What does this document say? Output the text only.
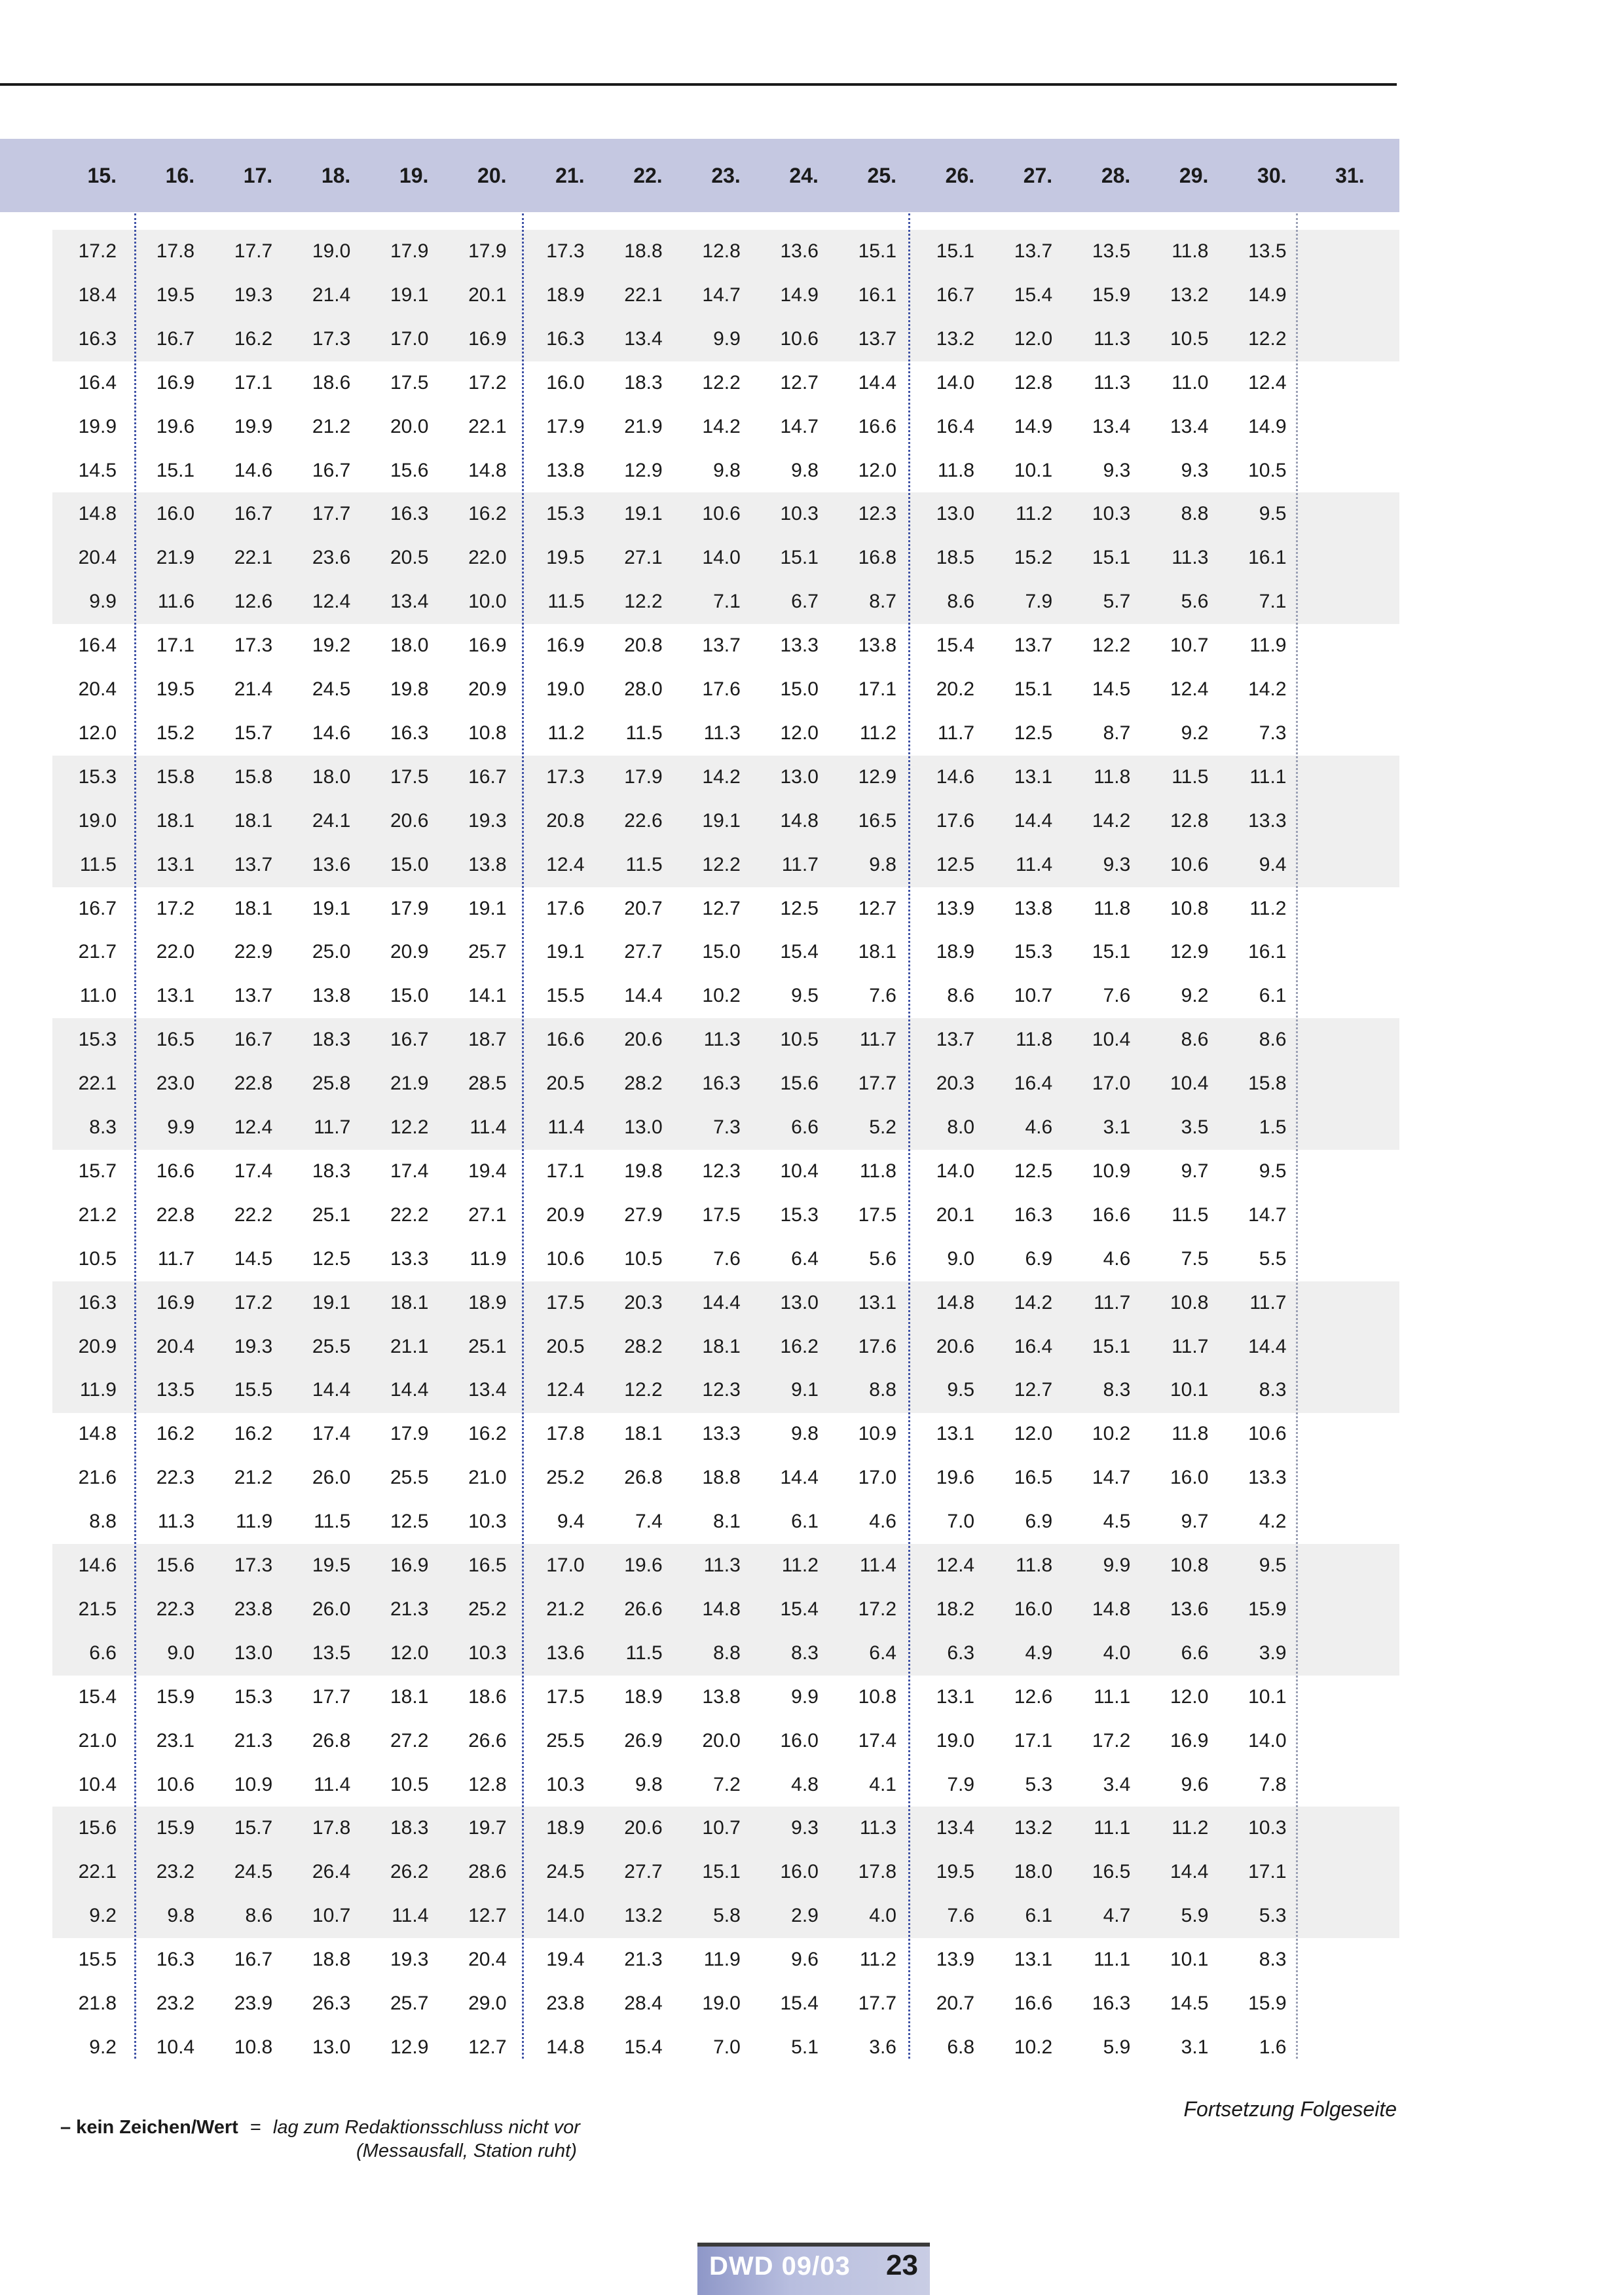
15.	16.	17.	18.	19.	20.	21.	22.	23.	24.	25.	26.	27.	28.	29.	30.	31.
17.2	17.8	17.7	19.0	17.9	17.9	17.3	18.8	12.8	13.6	15.1	15.1	13.7	13.5	11.8	13.5
18.4	19.5	19.3	21.4	19.1	20.1	18.9	22.1	14.7	14.9	16.1	16.7	15.4	15.9	13.2	14.9
16.3	16.7	16.2	17.3	17.0	16.9	16.3	13.4	9.9	10.6	13.7	13.2	12.0	11.3	10.5	12.2
16.4	16.9	17.1	18.6	17.5	17.2	16.0	18.3	12.2	12.7	14.4	14.0	12.8	11.3	11.0	12.4
19.9	19.6	19.9	21.2	20.0	22.1	17.9	21.9	14.2	14.7	16.6	16.4	14.9	13.4	13.4	14.9
14.5	15.1	14.6	16.7	15.6	14.8	13.8	12.9	9.8	9.8	12.0	11.8	10.1	9.3	9.3	10.5
14.8	16.0	16.7	17.7	16.3	16.2	15.3	19.1	10.6	10.3	12.3	13.0	11.2	10.3	8.8	9.5
20.4	21.9	22.1	23.6	20.5	22.0	19.5	27.1	14.0	15.1	16.8	18.5	15.2	15.1	11.3	16.1
9.9	11.6	12.6	12.4	13.4	10.0	11.5	12.2	7.1	6.7	8.7	8.6	7.9	5.7	5.6	7.1
16.4	17.1	17.3	19.2	18.0	16.9	16.9	20.8	13.7	13.3	13.8	15.4	13.7	12.2	10.7	11.9
20.4	19.5	21.4	24.5	19.8	20.9	19.0	28.0	17.6	15.0	17.1	20.2	15.1	14.5	12.4	14.2
12.0	15.2	15.7	14.6	16.3	10.8	11.2	11.5	11.3	12.0	11.2	11.7	12.5	8.7	9.2	7.3
15.3	15.8	15.8	18.0	17.5	16.7	17.3	17.9	14.2	13.0	12.9	14.6	13.1	11.8	11.5	11.1
19.0	18.1	18.1	24.1	20.6	19.3	20.8	22.6	19.1	14.8	16.5	17.6	14.4	14.2	12.8	13.3
11.5	13.1	13.7	13.6	15.0	13.8	12.4	11.5	12.2	11.7	9.8	12.5	11.4	9.3	10.6	9.4
16.7	17.2	18.1	19.1	17.9	19.1	17.6	20.7	12.7	12.5	12.7	13.9	13.8	11.8	10.8	11.2
21.7	22.0	22.9	25.0	20.9	25.7	19.1	27.7	15.0	15.4	18.1	18.9	15.3	15.1	12.9	16.1
11.0	13.1	13.7	13.8	15.0	14.1	15.5	14.4	10.2	9.5	7.6	8.6	10.7	7.6	9.2	6.1
15.3	16.5	16.7	18.3	16.7	18.7	16.6	20.6	11.3	10.5	11.7	13.7	11.8	10.4	8.6	8.6
22.1	23.0	22.8	25.8	21.9	28.5	20.5	28.2	16.3	15.6	17.7	20.3	16.4	17.0	10.4	15.8
8.3	9.9	12.4	11.7	12.2	11.4	11.4	13.0	7.3	6.6	5.2	8.0	4.6	3.1	3.5	1.5
15.7	16.6	17.4	18.3	17.4	19.4	17.1	19.8	12.3	10.4	11.8	14.0	12.5	10.9	9.7	9.5
21.2	22.8	22.2	25.1	22.2	27.1	20.9	27.9	17.5	15.3	17.5	20.1	16.3	16.6	11.5	14.7
10.5	11.7	14.5	12.5	13.3	11.9	10.6	10.5	7.6	6.4	5.6	9.0	6.9	4.6	7.5	5.5
16.3	16.9	17.2	19.1	18.1	18.9	17.5	20.3	14.4	13.0	13.1	14.8	14.2	11.7	10.8	11.7
20.9	20.4	19.3	25.5	21.1	25.1	20.5	28.2	18.1	16.2	17.6	20.6	16.4	15.1	11.7	14.4
11.9	13.5	15.5	14.4	14.4	13.4	12.4	12.2	12.3	9.1	8.8	9.5	12.7	8.3	10.1	8.3
14.8	16.2	16.2	17.4	17.9	16.2	17.8	18.1	13.3	9.8	10.9	13.1	12.0	10.2	11.8	10.6
21.6	22.3	21.2	26.0	25.5	21.0	25.2	26.8	18.8	14.4	17.0	19.6	16.5	14.7	16.0	13.3
8.8	11.3	11.9	11.5	12.5	10.3	9.4	7.4	8.1	6.1	4.6	7.0	6.9	4.5	9.7	4.2
14.6	15.6	17.3	19.5	16.9	16.5	17.0	19.6	11.3	11.2	11.4	12.4	11.8	9.9	10.8	9.5
21.5	22.3	23.8	26.0	21.3	25.2	21.2	26.6	14.8	15.4	17.2	18.2	16.0	14.8	13.6	15.9
6.6	9.0	13.0	13.5	12.0	10.3	13.6	11.5	8.8	8.3	6.4	6.3	4.9	4.0	6.6	3.9
15.4	15.9	15.3	17.7	18.1	18.6	17.5	18.9	13.8	9.9	10.8	13.1	12.6	11.1	12.0	10.1
21.0	23.1	21.3	26.8	27.2	26.6	25.5	26.9	20.0	16.0	17.4	19.0	17.1	17.2	16.9	14.0
10.4	10.6	10.9	11.4	10.5	12.8	10.3	9.8	7.2	4.8	4.1	7.9	5.3	3.4	9.6	7.8
15.6	15.9	15.7	17.8	18.3	19.7	18.9	20.6	10.7	9.3	11.3	13.4	13.2	11.1	11.2	10.3
22.1	23.2	24.5	26.4	26.2	28.6	24.5	27.7	15.1	16.0	17.8	19.5	18.0	16.5	14.4	17.1
9.2	9.8	8.6	10.7	11.4	12.7	14.0	13.2	5.8	2.9	4.0	7.6	6.1	4.7	5.9	5.3
15.5	16.3	16.7	18.8	19.3	20.4	19.4	21.3	11.9	9.6	11.2	13.9	13.1	11.1	10.1	8.3
21.8	23.2	23.9	26.3	25.7	29.0	23.8	28.4	19.0	15.4	17.7	20.7	16.6	16.3	14.5	15.9
9.2	10.4	10.8	13.0	12.9	12.7	14.8	15.4	7.0	5.1	3.6	6.8	10.2	5.9	3.1	1.6
– kein Zeichen/Wert = lag zum Redaktionsschluss nicht vor
(Messausfall, Station ruht)
Fortsetzung Folgeseite
DWD 09/03 23
